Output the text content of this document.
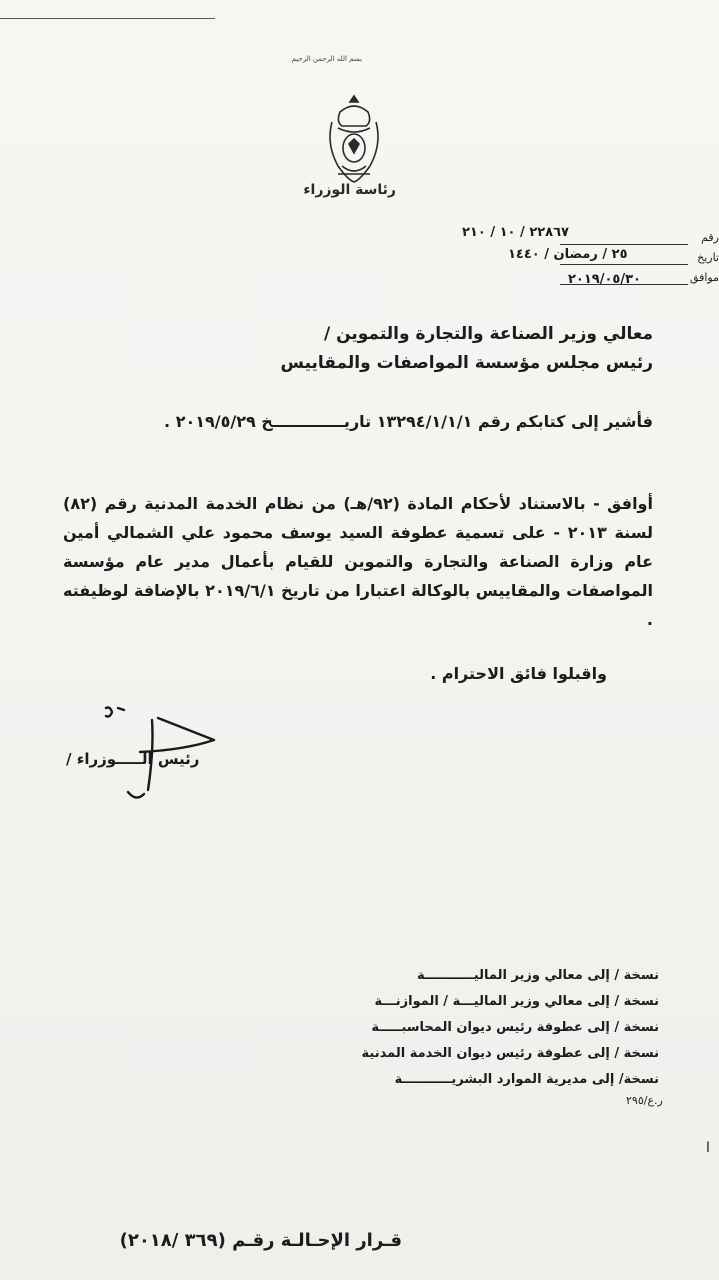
بسم الله الرحمن الرحيم
رئاسة الوزراء
رقم
تاريخ
موافق
٢٢٨٦٧ / ١٠ / ٢١٠
٢٥ / رمضان / ١٤٤٠
٢٠١٩/٠٥/٣٠
معالي وزير الصناعة والتجارة والتموين /
رئيس مجلس مؤسسة المواصفات والمقاييس
فأشير إلى كتابكم رقم ١٣٢٩٤/١/١/١ تاريـــــــــــــخ ٢٠١٩/٥/٢٩ .
أوافق - بالاستناد لأحكام المادة (٩٢/هـ) من نظام الخدمة المدنية رقم (٨٢) لسنة ٢٠١٣ - على تسمية عطوفة السيد يوسف محمود علي الشمالي أمين عام وزارة الصناعة والتجارة والتموين للقيام بأعمال مدير عام مؤسسة المواصفات والمقاييس بالوكالة اعتبارا من تاريخ ٢٠١٩/٦/١ بالإضافة لوظيفته .
واقبلوا فائق الاحترام .
رئيس الـــــوزراء /
نسخة / إلى معالي وزير الماليـــــــــــة
نسخة / إلى معالي وزير الماليـــة / الموازنـــة
نسخة / إلى عطوفة رئيس ديوان المحاسبـــــة
نسخة / إلى عطوفة رئيس ديوان الخدمة المدنية
نسخة/ إلى مديرية الموارد البشريـــــــــــة
ر.ع/٢٩٥
ا
قـرار الإحـالـة رقـم (٣٦٩ /٢٠١٨)
